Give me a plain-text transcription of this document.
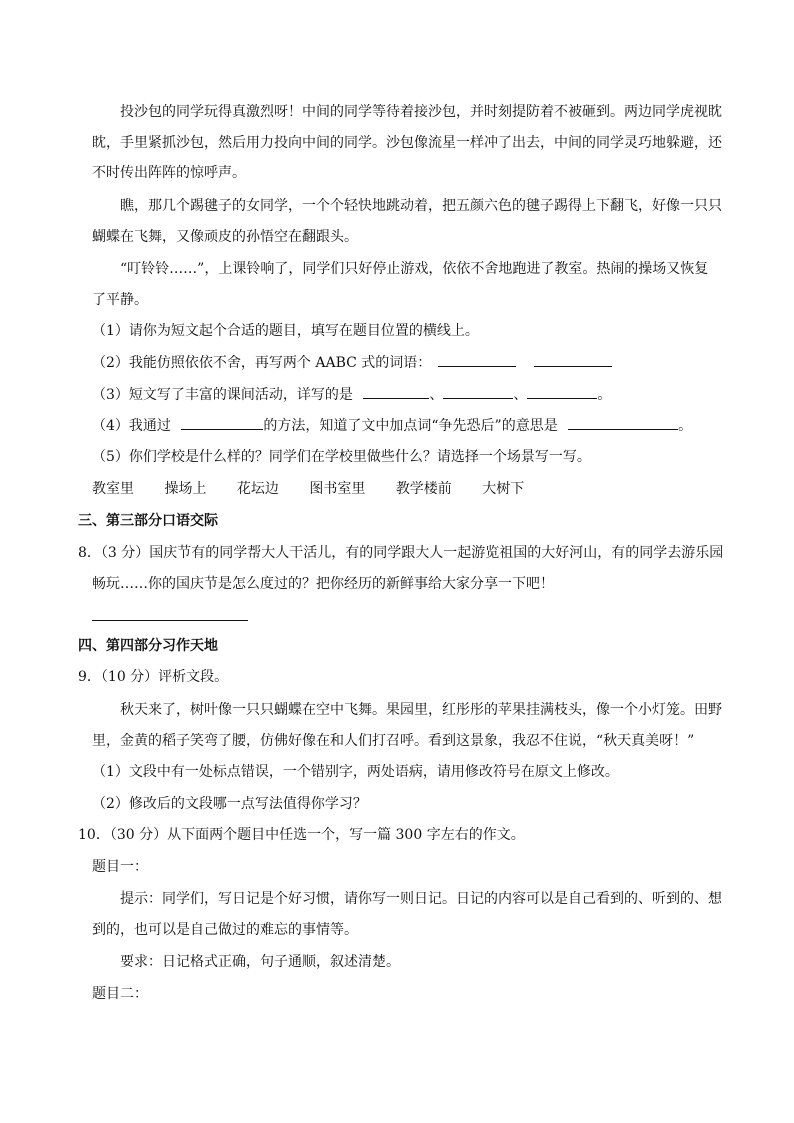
投沙包的同学玩得真激烈呀！中间的同学等待着接沙包，并时刻提防着不被砸到。两边同学虎视眈
眈，手里紧抓沙包，然后用力投向中间的同学。沙包像流星一样冲了出去，中间的同学灵巧地躲避，还
不时传出阵阵的惊呼声。
瞧，那几个踢毽子的女同学，一个个轻快地跳动着，把五颜六色的毽子踢得上下翻飞，好像一只只
蝴蝶在飞舞，又像顽皮的孙悟空在翻跟头。
“叮铃铃……”，上课铃响了，同学们只好停止游戏，依依不舍地跑进了教室。热闹的操场又恢复
了平静。
（1）请你为短文起个合适的题目，填写在题目位置的横线上。
（2）我能仿照依依不舍，再写两个 AABC 式的词语：
（3）短文写了丰富的课间活动，详写的是	、	、	。
（4）我通过	的方法，知道了文中加点词“争先恐后”的意思是	。
（5）你们学校是什么样的？同学们在学校里做些什么？请选择一个场景写一写。
教室里 操场上 花坛边 图书室里 教学楼前 大树下
三、第三部分口语交际
8．（3 分）国庆节有的同学帮大人干活儿，有的同学跟大人一起游览祖国的大好河山，有的同学去游乐园
畅玩……你的国庆节是怎么度过的？把你经历的新鲜事给大家分享一下吧！
四、第四部分习作天地
9．（10 分）评析文段。
秋天来了，树叶像一只只蝴蝶在空中飞舞。果园里，红彤彤的苹果挂满枝头，像一个小灯笼。田野
里，金黄的稻子笑弯了腰，仿佛好像在和人们打召呼。看到这景象，我忍不住说，“秋天真美呀！”
（1）文段中有一处标点错误，一个错别字，两处语病，请用修改符号在原文上修改。
（2）修改后的文段哪一点写法值得你学习？
10．（30 分）从下面两个题目中任选一个，写一篇 300 字左右的作文。
题目一：
提示：同学们，写日记是个好习惯，请你写一则日记。日记的内容可以是自己看到的、听到的、想
到的，也可以是自己做过的难忘的事情等。
要求：日记格式正确，句子通顺，叙述清楚。
题目二：
